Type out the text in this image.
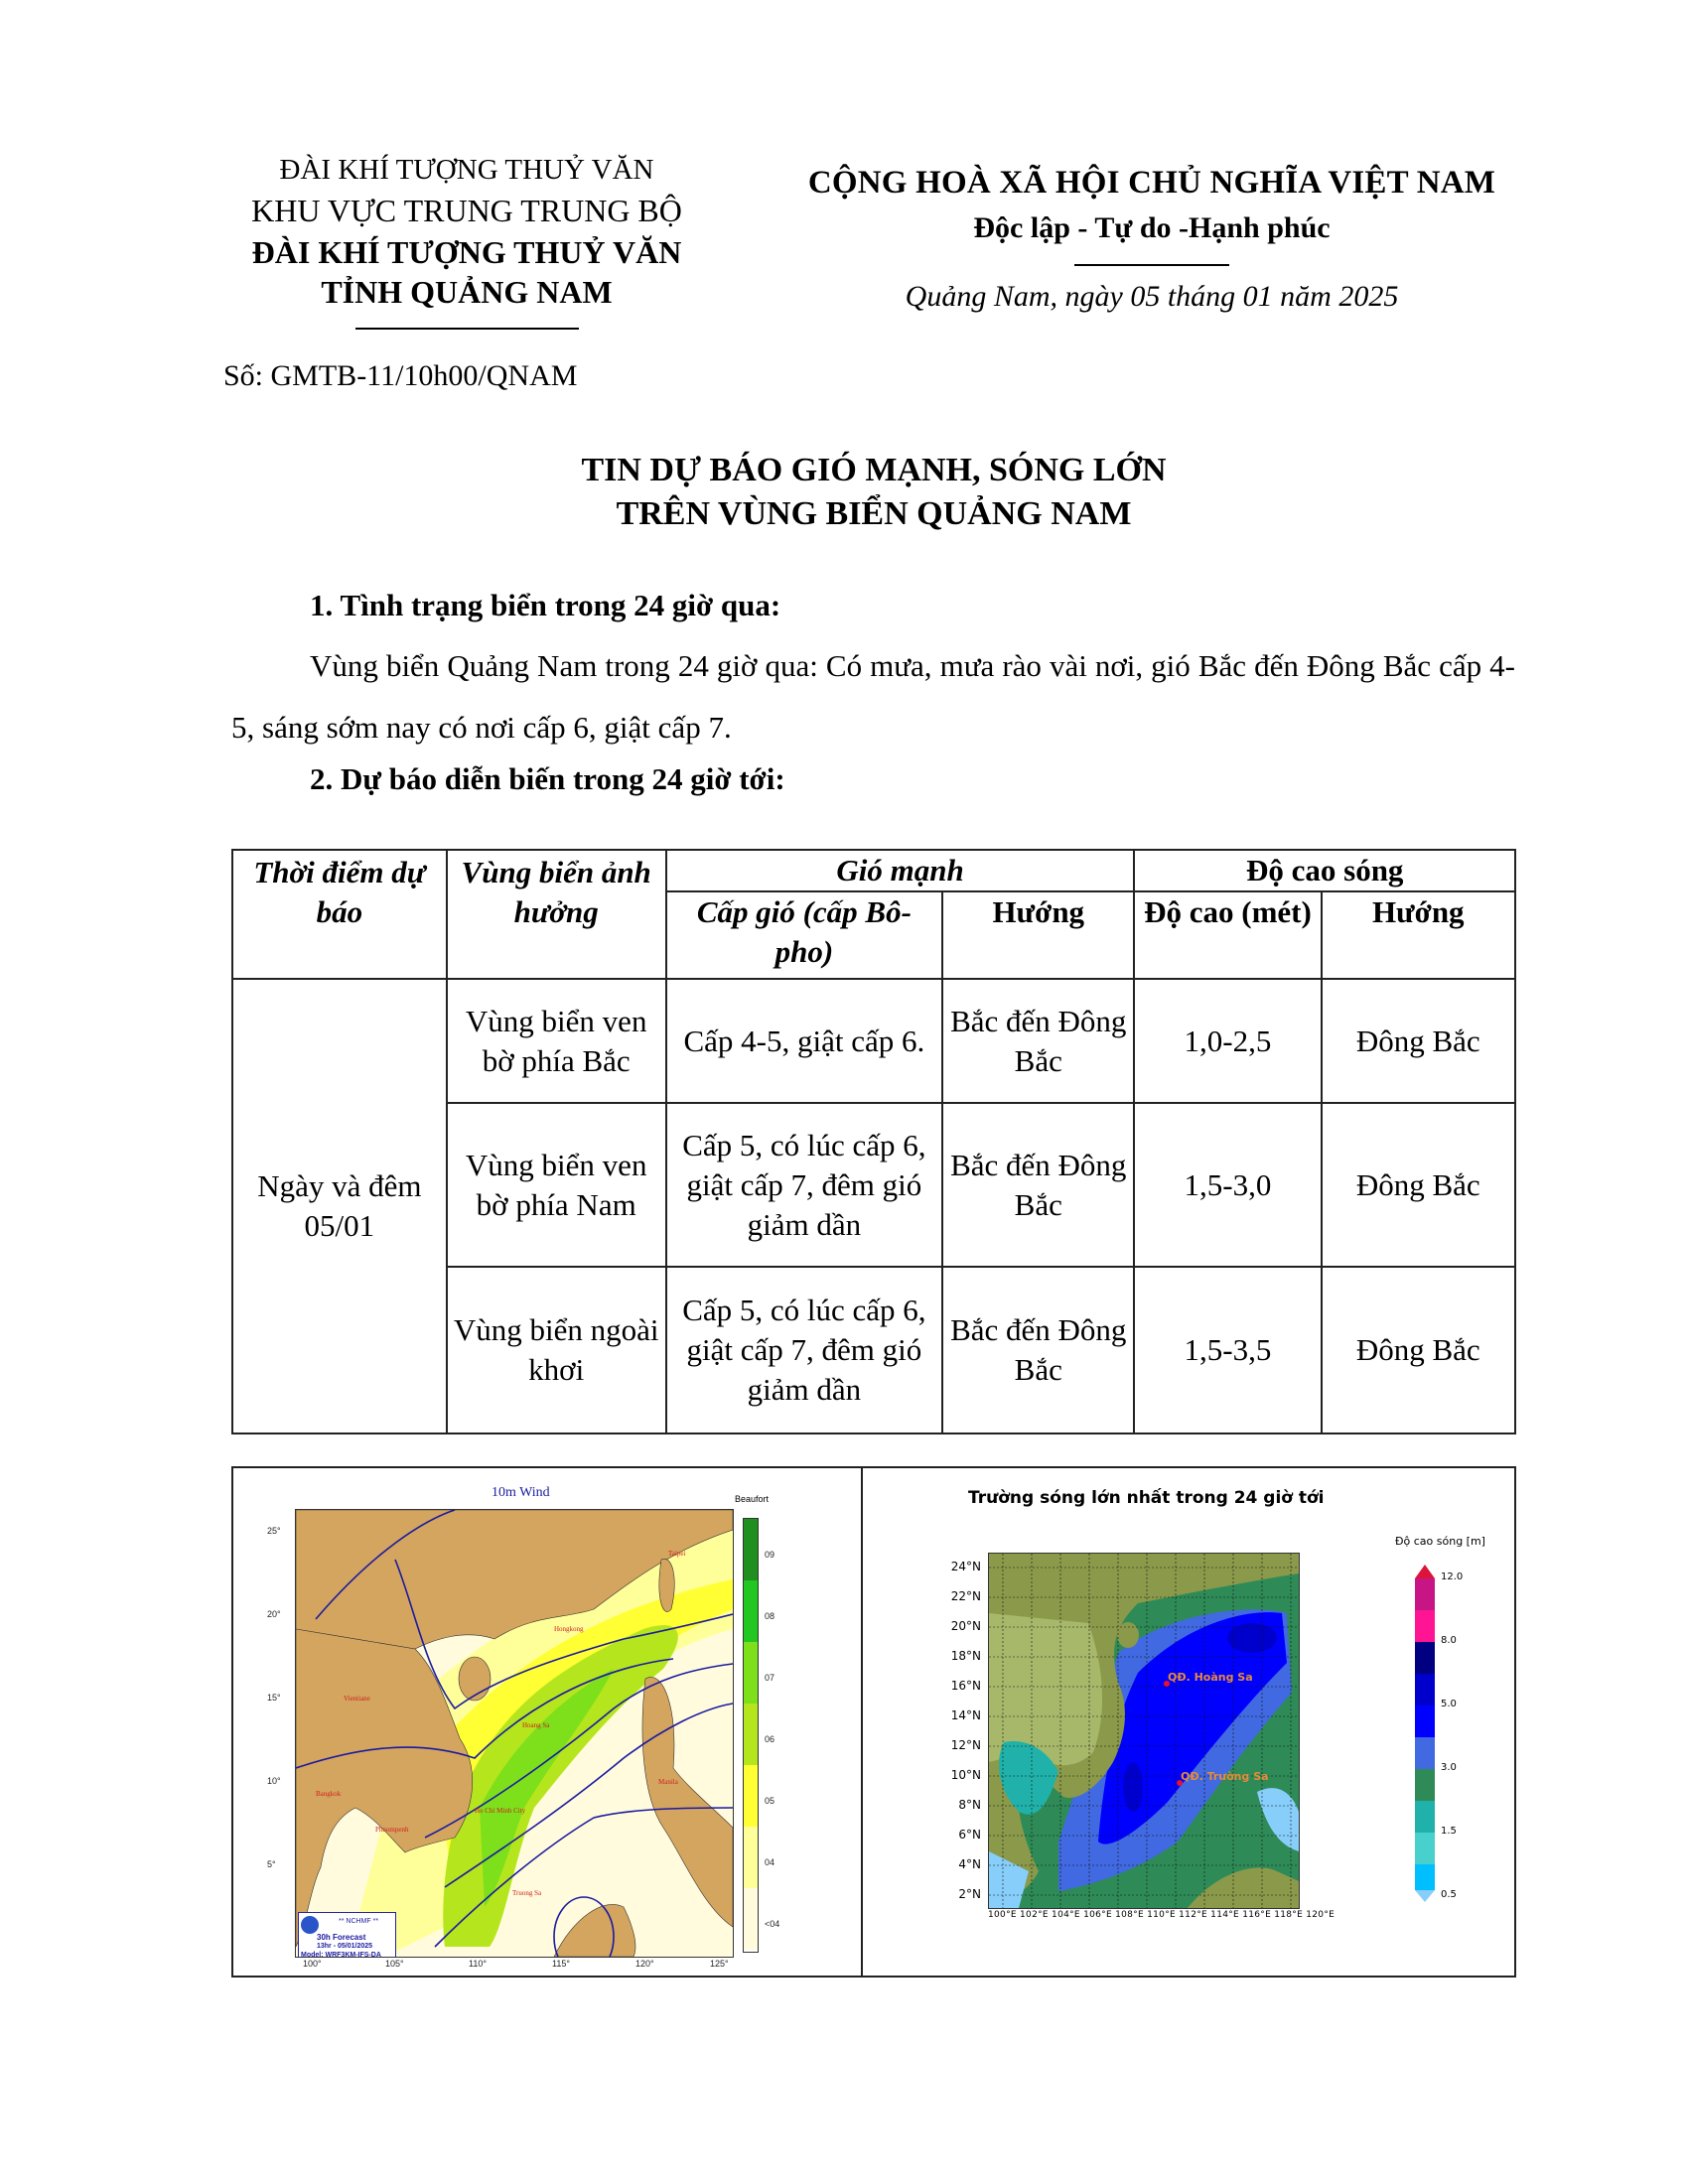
ĐÀI KHÍ TƯỢNG THUỶ VĂN
KHU VỰC TRUNG TRUNG BỘ
ĐÀI KHÍ TƯỢNG THUỶ VĂN
TỈNH QUẢNG NAM
Số: GMTB-11/10h00/QNAM
CỘNG HOÀ XÃ HỘI CHỦ NGHĨA VIỆT NAM
Độc lập - Tự do -Hạnh phúc
Quảng Nam, ngày 05 tháng 01 năm 2025
TIN DỰ BÁO GIÓ MẠNH, SÓNG LỚN
TRÊN VÙNG BIỂN QUẢNG NAM
1. Tình trạng biển trong 24 giờ qua:
Vùng biển Quảng Nam trong 24 giờ qua: Có mưa, mưa rào vài nơi, gió Bắc đến Đông Bắc cấp 4-5, sáng sớm nay có nơi cấp 6, giật cấp 7.
2. Dự báo diễn biến trong 24 giờ tới:
Thời điểm dự báo	Vùng biển ảnh hưởng	Gió mạnh		Độ cao sóng	
		Cấp gió (cấp Bô-pho)	Hướng	Độ cao (mét)	Hướng
Ngày và đêm 05/01	Vùng biển ven bờ phía Bắc	Cấp 4-5, giật cấp 6.	Bắc đến Đông Bắc	1,0-2,5	Đông Bắc
	Vùng biển ven bờ phía Nam	Cấp 5, có lúc cấp 6, giật cấp 7, đêm gió giảm dần	Bắc đến Đông Bắc	1,5-3,0	Đông Bắc
	Vùng biển ngoài khơi	Cấp 5, có lúc cấp 6, giật cấp 7, đêm gió giảm dần	Bắc đến Đông Bắc	1,5-3,5	Đông Bắc
10m Wind
Ho Chi Minh City
Hoang Sa
Truong Sa
Manila
Taipei
Hongkong
Vientiane
Bangkok
Phnompenh
** NCHMF **
30h Forecast
13hr - 05/01/2025
Model: WRF3KM-IFS-DA
25°
20°
15°
10°
5°
100°	105°	110°	115°	120°	125°
Beaufort
09
08
07
06
05
04
<04
Trường sóng lớn nhất trong 24 giờ tới
Độ cao sóng [m]
QĐ. Hoàng Sa
QĐ. Trường Sa
24°N
22°N
20°N
18°N
16°N
14°N
12°N
10°N
8°N
6°N
4°N
2°N
100°E 102°E 104°E 106°E 108°E 110°E 112°E 114°E 116°E 118°E 120°E
12.0
8.0
5.0
3.0
1.5
0.5
